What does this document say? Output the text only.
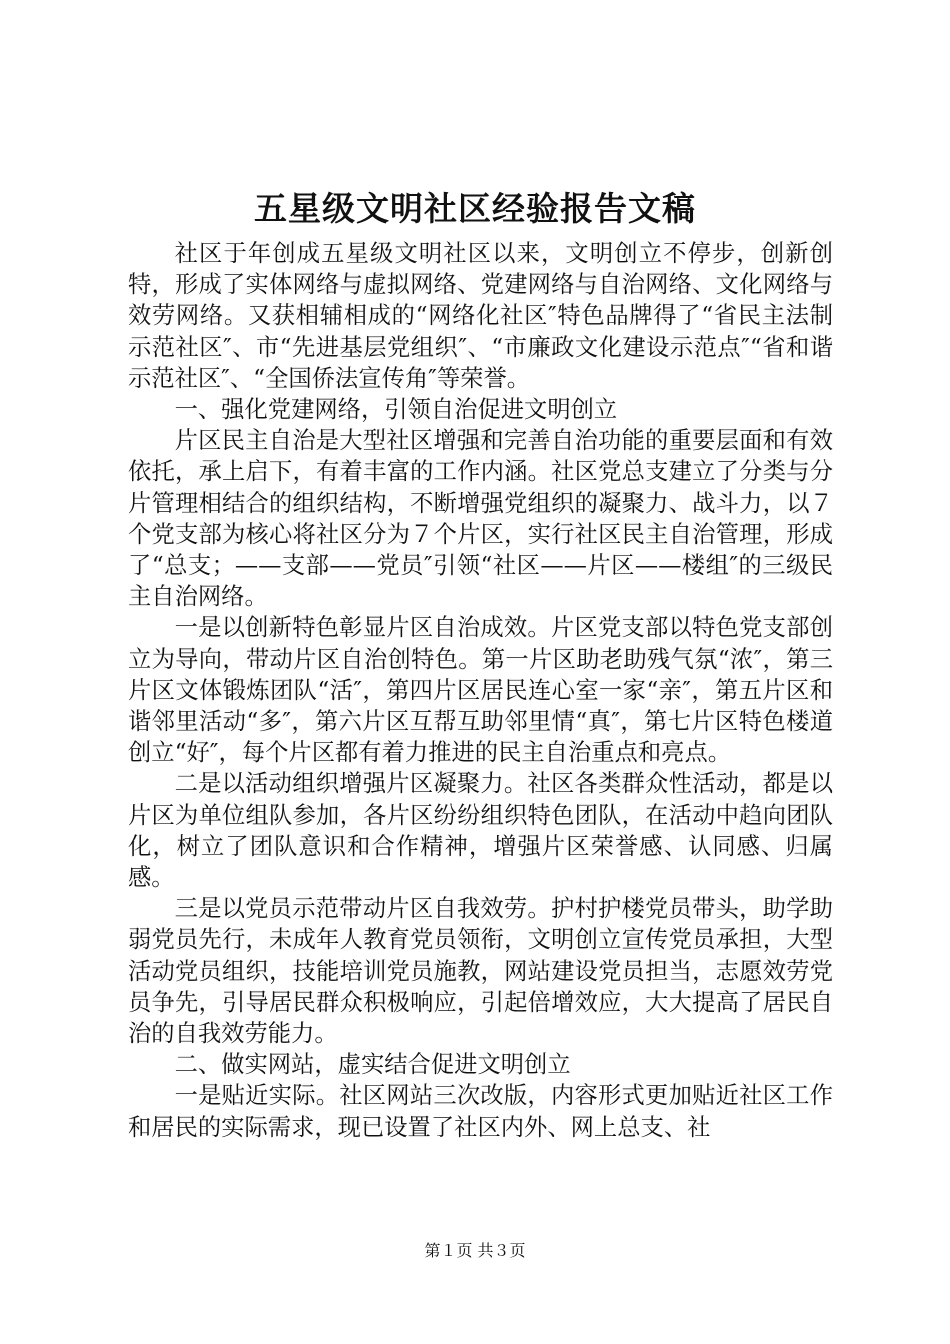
五星级文明社区经验报告文稿

社区于年创成五星级文明社区以来，文明创立不停步，创新创特，形成了实体网络与虚拟网络、党建网络与自治网络、文化网络与效劳网络。又获相辅相成的“网络化社区″特色品牌得了“省民主法制示范社区″、市“先进基层党组织″、“市廉政文化建设示范点″“省和谐示范社区″、“全国侨法宣传角″等荣誉。

一、强化党建网络，引领自治促进文明创立

片区民主自治是大型社区增强和完善自治功能的重要层面和有效依托，承上启下，有着丰富的工作内涵。社区党总支建立了分类与分片管理相结合的组织结构，不断增强党组织的凝聚力、战斗力，以７个党支部为核心将社区分为７个片区，实行社区民主自治管理，形成了“总支；——支部——党员″引领“社区——片区——楼组″的三级民主自治网络。

一是以创新特色彰显片区自治成效。片区党支部以特色党支部创立为导向，带动片区自治创特色。第一片区助老助残气氛“浓″，第三片区文体锻炼团队“活″，第四片区居民连心室一家“亲″，第五片区和谐邻里活动“多″，第六片区互帮互助邻里情“真″，第七片区特色楼道创立“好″，每个片区都有着力推进的民主自治重点和亮点。

二是以活动组织增强片区凝聚力。社区各类群众性活动，都是以片区为单位组队参加，各片区纷纷组织特色团队，在活动中趋向团队化，树立了团队意识和合作精神，增强片区荣誉感、认同感、归属感。

三是以党员示范带动片区自我效劳。护村护楼党员带头，助学助弱党员先行，未成年人教育党员领衔，文明创立宣传党员承担，大型活动党员组织，技能培训党员施教，网站建设党员担当，志愿效劳党员争先，引导居民群众积极响应，引起倍增效应，大大提高了居民自治的自我效劳能力。

二、做实网站，虚实结合促进文明创立

一是贴近实际。社区网站三次改版，内容形式更加贴近社区工作和居民的实际需求，现已设置了社区内外、网上总支、社

第１页 共３页
